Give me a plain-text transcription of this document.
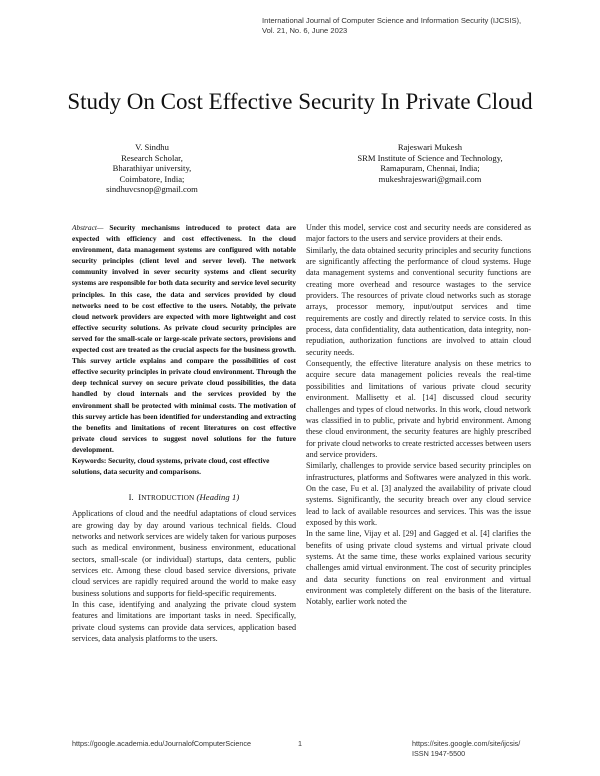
International Journal of Computer Science and Information Security (IJCSIS),
Vol. 21, No. 6, June 2023
Study On Cost Effective Security In Private Cloud
V. Sindhu
Research Scholar,
Bharathiyar university,
Coimbatore, India;
sindhuvcsnop@gmail.com
Rajeswari Mukesh
SRM Institute of Science and Technology,
Ramapuram, Chennai, India;
mukeshrajeswari@gmail.com

Abstract— Security mechanisms introduced to protect data are expected with efficiency and cost effectiveness. In the cloud environment, data management systems are configured with notable security principles (client level and server level). The network community involved in sever security systems and client security systems are responsible for both data security and service level security principles. In this case, the data and services provided by cloud networks need to be cost effective to the users. Notably, the private cloud network providers are expected with more lightweight and cost effective security solutions. As private cloud security principles are served for the small-scale or large-scale private sectors, provisions and expected cost are treated as the crucial aspects for the business growth. This survey article explains and compare the possibilities of cost effective security principles in private cloud environment. Through the deep technical survey on secure private cloud possibilities, the data handled by cloud internals and the services provided by the environment shall be protected with minimal costs. The motivation of this survey article has been identified for understanding and extracting the benefits and limitations of recent literatures on cost effective private cloud services to suggest novel solutions for the future development.

Keywords: Security, cloud systems, private cloud, cost effective solutions, data security and comparisons.

I. INTRODUCTION (Heading 1)

Applications of cloud and the needful adaptations of cloud services are growing day by day around various technical fields. Cloud networks and network services are widely taken for various purposes such as medical environment, business environment, educational sectors, small-scale (or individual) startups, data centers, public services etc. Among these cloud based service diversions, private cloud services are rapidly required around the world to make easy business solutions and supports for field-specific requirements.

In this case, identifying and analyzing the private cloud system features and limitations are important tasks in need. Specifically, private cloud systems can provide data services, application based services, data analysis platforms to the users.

Under this model, service cost and security needs are considered as major factors to the users and service providers at their ends.

Similarly, the data obtained security principles and security functions are significantly affecting the performance of cloud systems. Huge data management systems and conventional security functions are creating more overhead and resource wastages to the service providers. The resources of private cloud networks such as storage arrays, processor memory, input/output services and time requirements are costly and directly related to service costs. In this process, data confidentiality, data authentication, data integrity, non-repudiation, authorization functions are involved to attain cloud security needs.

Consequently, the effective literature analysis on these metrics to acquire secure data management policies reveals the real-time possibilities and limitations of various private cloud security environment. Mallisetty et al. [14] discussed cloud security challenges and types of cloud networks. In this work, cloud network was classified in to public, private and hybrid environment. Among these cloud environment, the security features are highly prescribed for private cloud networks to create restricted accesses between users and service providers.

Similarly, challenges to provide service based security principles on infrastructures, platforms and Softwares were analyzed in this work. On the case, Fu et al. [3] analyzed the availability of private cloud systems. Significantly, the security breach over any cloud service lead to lack of available resources and services. This was the issue exposed by this work.

In the same line, Vijay et al. [29] and Gagged et al. [4] clarifies the benefits of using private cloud systems and virtual private cloud systems. At the same time, these works explained various security challenges amid virtual environment. The cost of security principles and data security functions on real environment and virtual environment was completely different on the basis of the literature. Notably, earlier work noted the

https://google.academia.edu/JournalofComputerScience	1	https://sites.google.com/site/ijcsis/
ISSN 1947-5500
